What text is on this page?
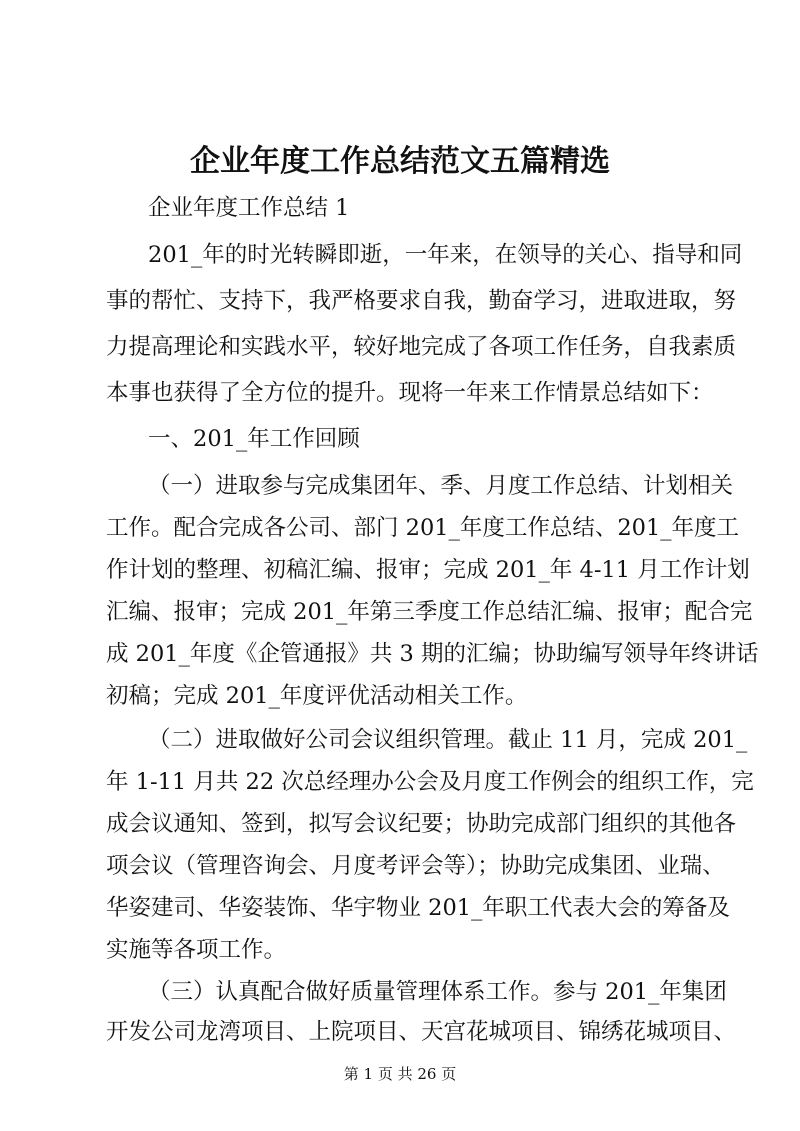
企业年度工作总结范文五篇精选
企业年度工作总结 1
201_年的时光转瞬即逝，一年来，在领导的关心、指导和同
事的帮忙、支持下，我严格要求自我，勤奋学习，进取进取，努
力提高理论和实践水平，较好地完成了各项工作任务，自我素质
本事也获得了全方位的提升。现将一年来工作情景总结如下：
一、201_年工作回顾
（一）进取参与完成集团年、季、月度工作总结、计划相关
工作。配合完成各公司、部门 201_年度工作总结、201_年度工
作计划的整理、初稿汇编、报审；完成 201_年 4-11 月工作计划
汇编、报审；完成 201_年第三季度工作总结汇编、报审；配合完
成 201_年度《企管通报》共 3 期的汇编；协助编写领导年终讲话
初稿；完成 201_年度评优活动相关工作。
（二）进取做好公司会议组织管理。截止 11 月，完成 201_
年 1-11 月共 22 次总经理办公会及月度工作例会的组织工作，完
成会议通知、签到，拟写会议纪要；协助完成部门组织的其他各
项会议（管理咨询会、月度考评会等）；协助完成集团、业瑞、
华姿建司、华姿装饰、华宇物业 201_年职工代表大会的筹备及
实施等各项工作。
（三）认真配合做好质量管理体系工作。参与 201_年集团
开发公司龙湾项目、上院项目、天宫花城项目、锦绣花城项目、
第 1 页 共 26 页
